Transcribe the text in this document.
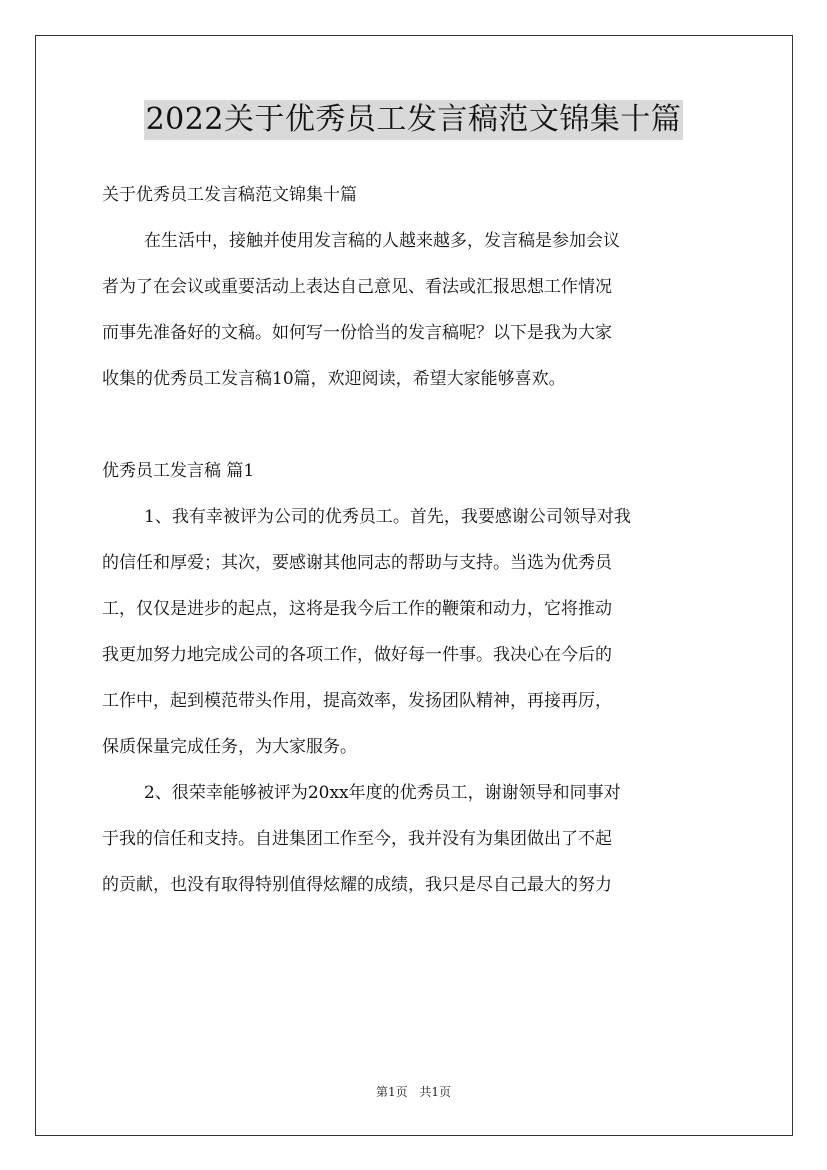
2022关于优秀员工发言稿范文锦集十篇
关于优秀员工发言稿范文锦集十篇
在生活中，接触并使用发言稿的人越来越多，发言稿是参加会议
者为了在会议或重要活动上表达自己意见、看法或汇报思想工作情况
而事先准备好的文稿。如何写一份恰当的发言稿呢？以下是我为大家
收集的优秀员工发言稿10篇，欢迎阅读，希望大家能够喜欢。
优秀员工发言稿 篇1
1、我有幸被评为公司的优秀员工。首先，我要感谢公司领导对我
的信任和厚爱；其次，要感谢其他同志的帮助与支持。当选为优秀员
工，仅仅是进步的起点，这将是我今后工作的鞭策和动力，它将推动
我更加努力地完成公司的各项工作，做好每一件事。我决心在今后的
工作中，起到模范带头作用，提高效率，发扬团队精神，再接再厉，
保质保量完成任务，为大家服务。
2、很荣幸能够被评为20xx年度的优秀员工，谢谢领导和同事对
于我的信任和支持。自进集团工作至今，我并没有为集团做出了不起
的贡献，也没有取得特别值得炫耀的成绩，我只是尽自己最大的努力
第1页 共1页
